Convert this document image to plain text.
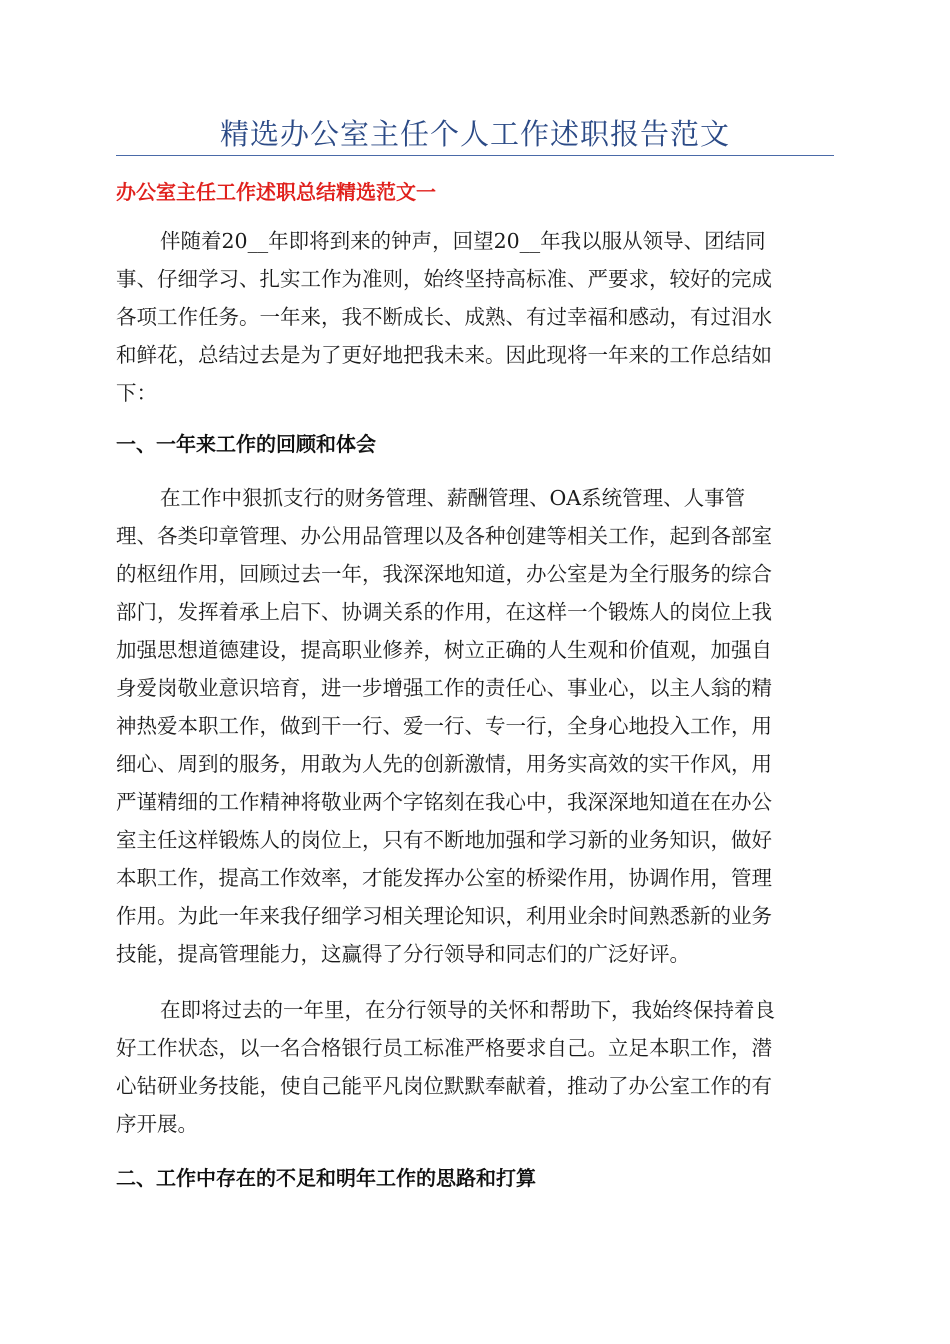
精选办公室主任个人工作述职报告范文
办公室主任工作述职总结精选范文一
伴随着20__年即将到来的钟声，回望20__年我以服从领导、团结同
事、仔细学习、扎实工作为准则，始终坚持高标准、严要求，较好的完成
各项工作任务。一年来，我不断成长、成熟、有过幸福和感动，有过泪水
和鲜花，总结过去是为了更好地把我未来。因此现将一年来的工作总结如
下：
一、一年来工作的回顾和体会
在工作中狠抓支行的财务管理、薪酬管理、OA系统管理、人事管
理、各类印章管理、办公用品管理以及各种创建等相关工作，起到各部室
的枢纽作用，回顾过去一年，我深深地知道，办公室是为全行服务的综合
部门，发挥着承上启下、协调关系的作用，在这样一个锻炼人的岗位上我
加强思想道德建设，提高职业修养，树立正确的人生观和价值观，加强自
身爱岗敬业意识培育，进一步增强工作的责任心、事业心，以主人翁的精
神热爱本职工作，做到干一行、爱一行、专一行，全身心地投入工作，用
细心、周到的服务，用敢为人先的创新激情，用务实高效的实干作风，用
严谨精细的工作精神将敬业两个字铭刻在我心中，我深深地知道在在办公
室主任这样锻炼人的岗位上，只有不断地加强和学习新的业务知识，做好
本职工作，提高工作效率，才能发挥办公室的桥梁作用，协调作用，管理
作用。为此一年来我仔细学习相关理论知识，利用业余时间熟悉新的业务
技能，提高管理能力，这赢得了分行领导和同志们的广泛好评。
在即将过去的一年里，在分行领导的关怀和帮助下，我始终保持着良
好工作状态，以一名合格银行员工标准严格要求自己。立足本职工作，潜
心钻研业务技能，使自己能平凡岗位默默奉献着，推动了办公室工作的有
序开展。
二、工作中存在的不足和明年工作的思路和打算
